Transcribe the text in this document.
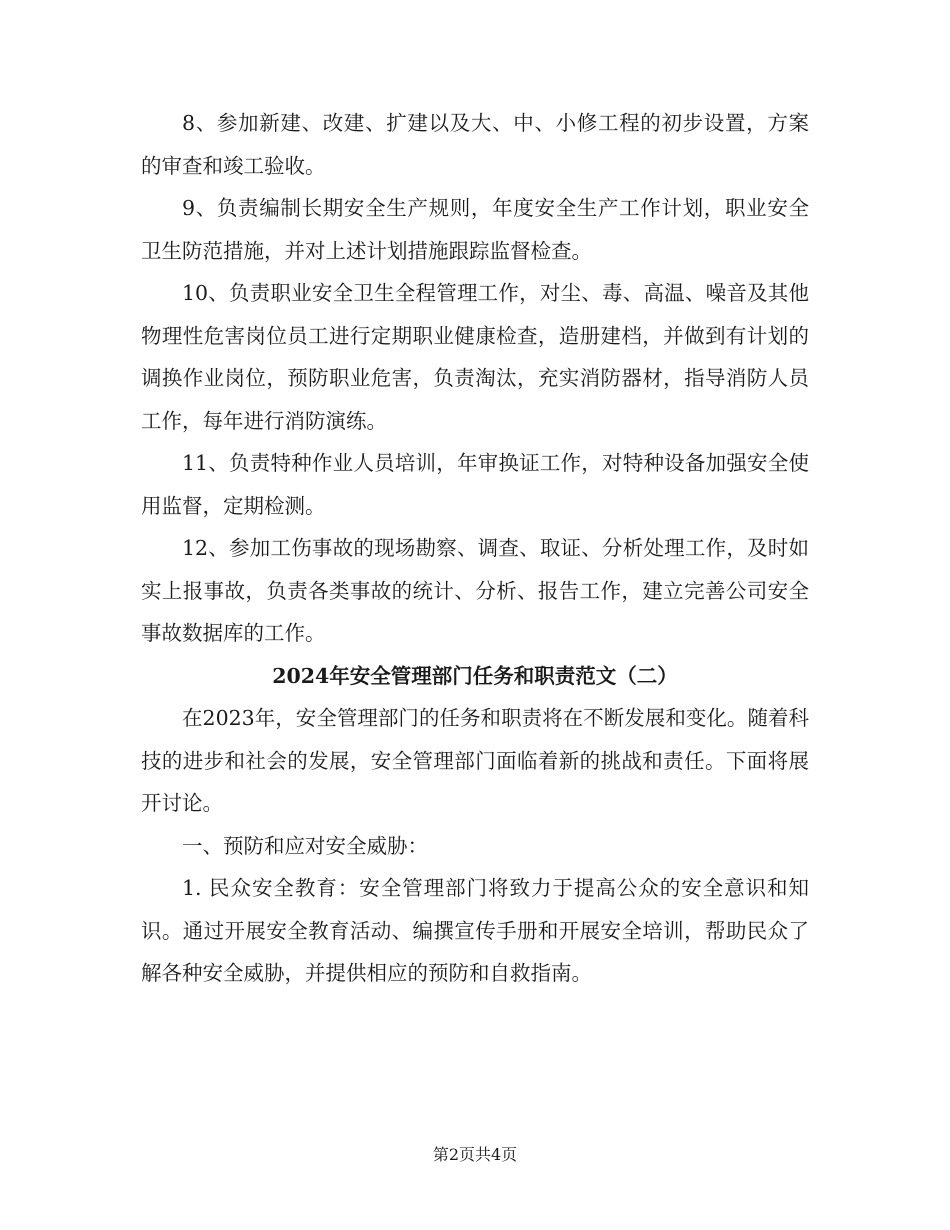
8、参加新建、改建、扩建以及大、中、小修工程的初步设置，方案的审查和竣工验收。

9、负责编制长期安全生产规则，年度安全生产工作计划，职业安全卫生防范措施，并对上述计划措施跟踪监督检查。

10、负责职业安全卫生全程管理工作，对尘、毒、高温、噪音及其他物理性危害岗位员工进行定期职业健康检查，造册建档，并做到有计划的调换作业岗位，预防职业危害，负责淘汰，充实消防器材，指导消防人员工作，每年进行消防演练。

11、负责特种作业人员培训，年审换证工作，对特种设备加强安全使用监督，定期检测。

12、参加工伤事故的现场勘察、调查、取证、分析处理工作，及时如实上报事故，负责各类事故的统计、分析、报告工作，建立完善公司安全事故数据库的工作。

2024年安全管理部门任务和职责范文（二）

在2023年，安全管理部门的任务和职责将在不断发展和变化。随着科技的进步和社会的发展，安全管理部门面临着新的挑战和责任。下面将展开讨论。

一、预防和应对安全威胁：

1. 民众安全教育：安全管理部门将致力于提高公众的安全意识和知识。通过开展安全教育活动、编撰宣传手册和开展安全培训，帮助民众了解各种安全威胁，并提供相应的预防和自救指南。

第2页共4页
